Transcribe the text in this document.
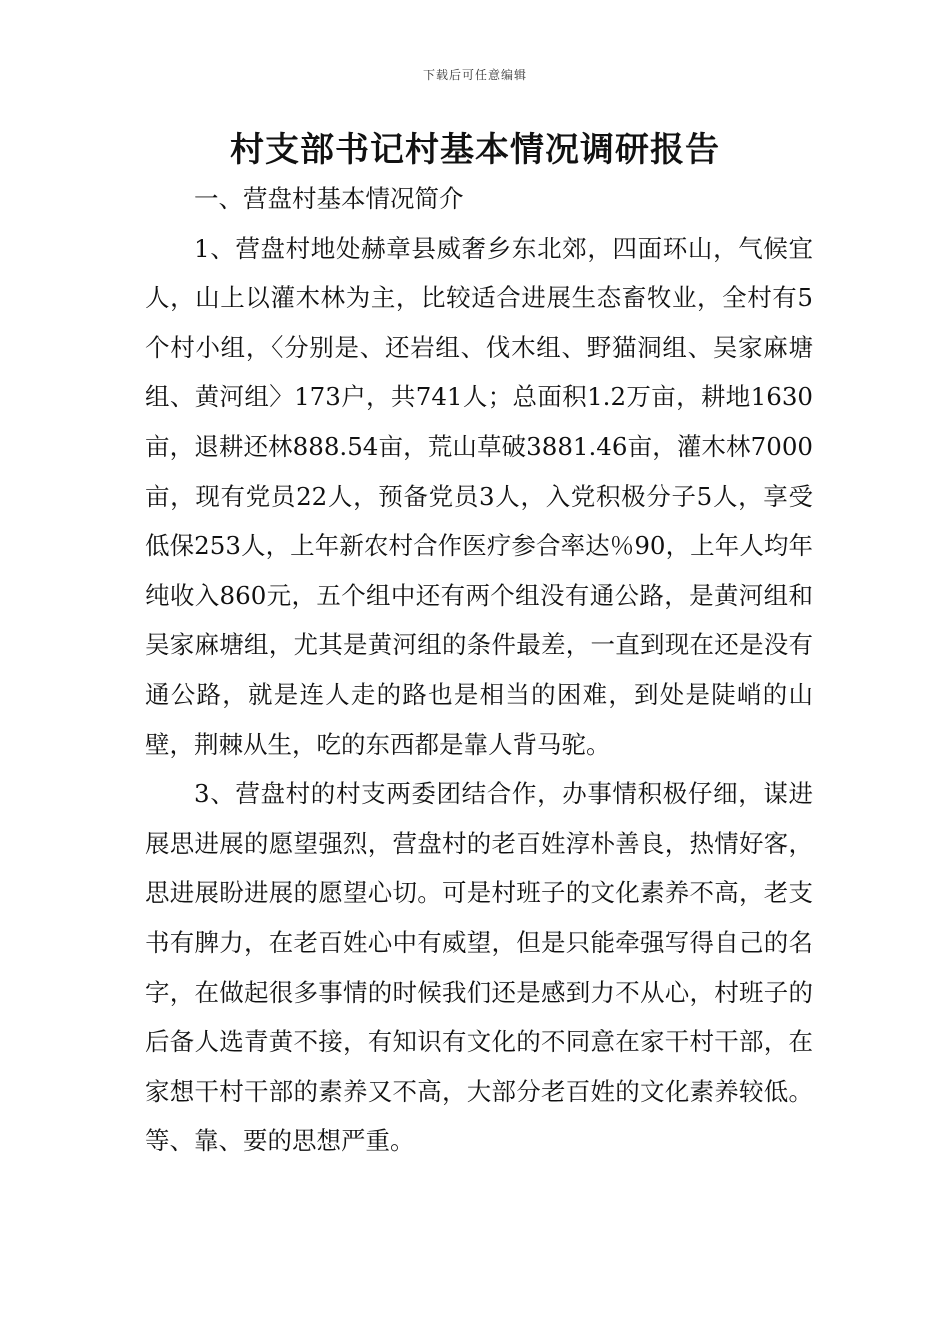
下载后可任意编辑
村支部书记村基本情况调研报告

一、营盘村基本情况简介

1、营盘村地处赫章县威奢乡东北郊，四面环山，气候宜人，山上以灌木林为主，比较适合进展生态畜牧业，全村有5个村小组，〈分别是、还岩组、伐木组、野猫洞组、吴家麻塘组、黄河组〉173户，共741人；总面积1.2万亩，耕地1630亩，退耕还林888.54亩，荒山草破3881.46亩，灌木林7000亩，现有党员22人，预备党员3人，入党积极分子5人，享受低保253人，上年新农村合作医疗参合率达％90，上年人均年纯收入860元，五个组中还有两个组没有通公路，是黄河组和吴家麻塘组，尤其是黄河组的条件最差，一直到现在还是没有通公路，就是连人走的路也是相当的困难，到处是陡峭的山壁，荆棘从生，吃的东西都是靠人背马驼。

3、营盘村的村支两委团结合作，办事情积极仔细，谋进展思进展的愿望强烈，营盘村的老百姓淳朴善良，热情好客，思进展盼进展的愿望心切。可是村班子的文化素养不高，老支书有脾力，在老百姓心中有威望，但是只能牵强写得自己的名字，在做起很多事情的时候我们还是感到力不从心，村班子的后备人选青黄不接，有知识有文化的不同意在家干村干部，在家想干村干部的素养又不高，大部分老百姓的文化素养较低。等、靠、要的思想严重。
